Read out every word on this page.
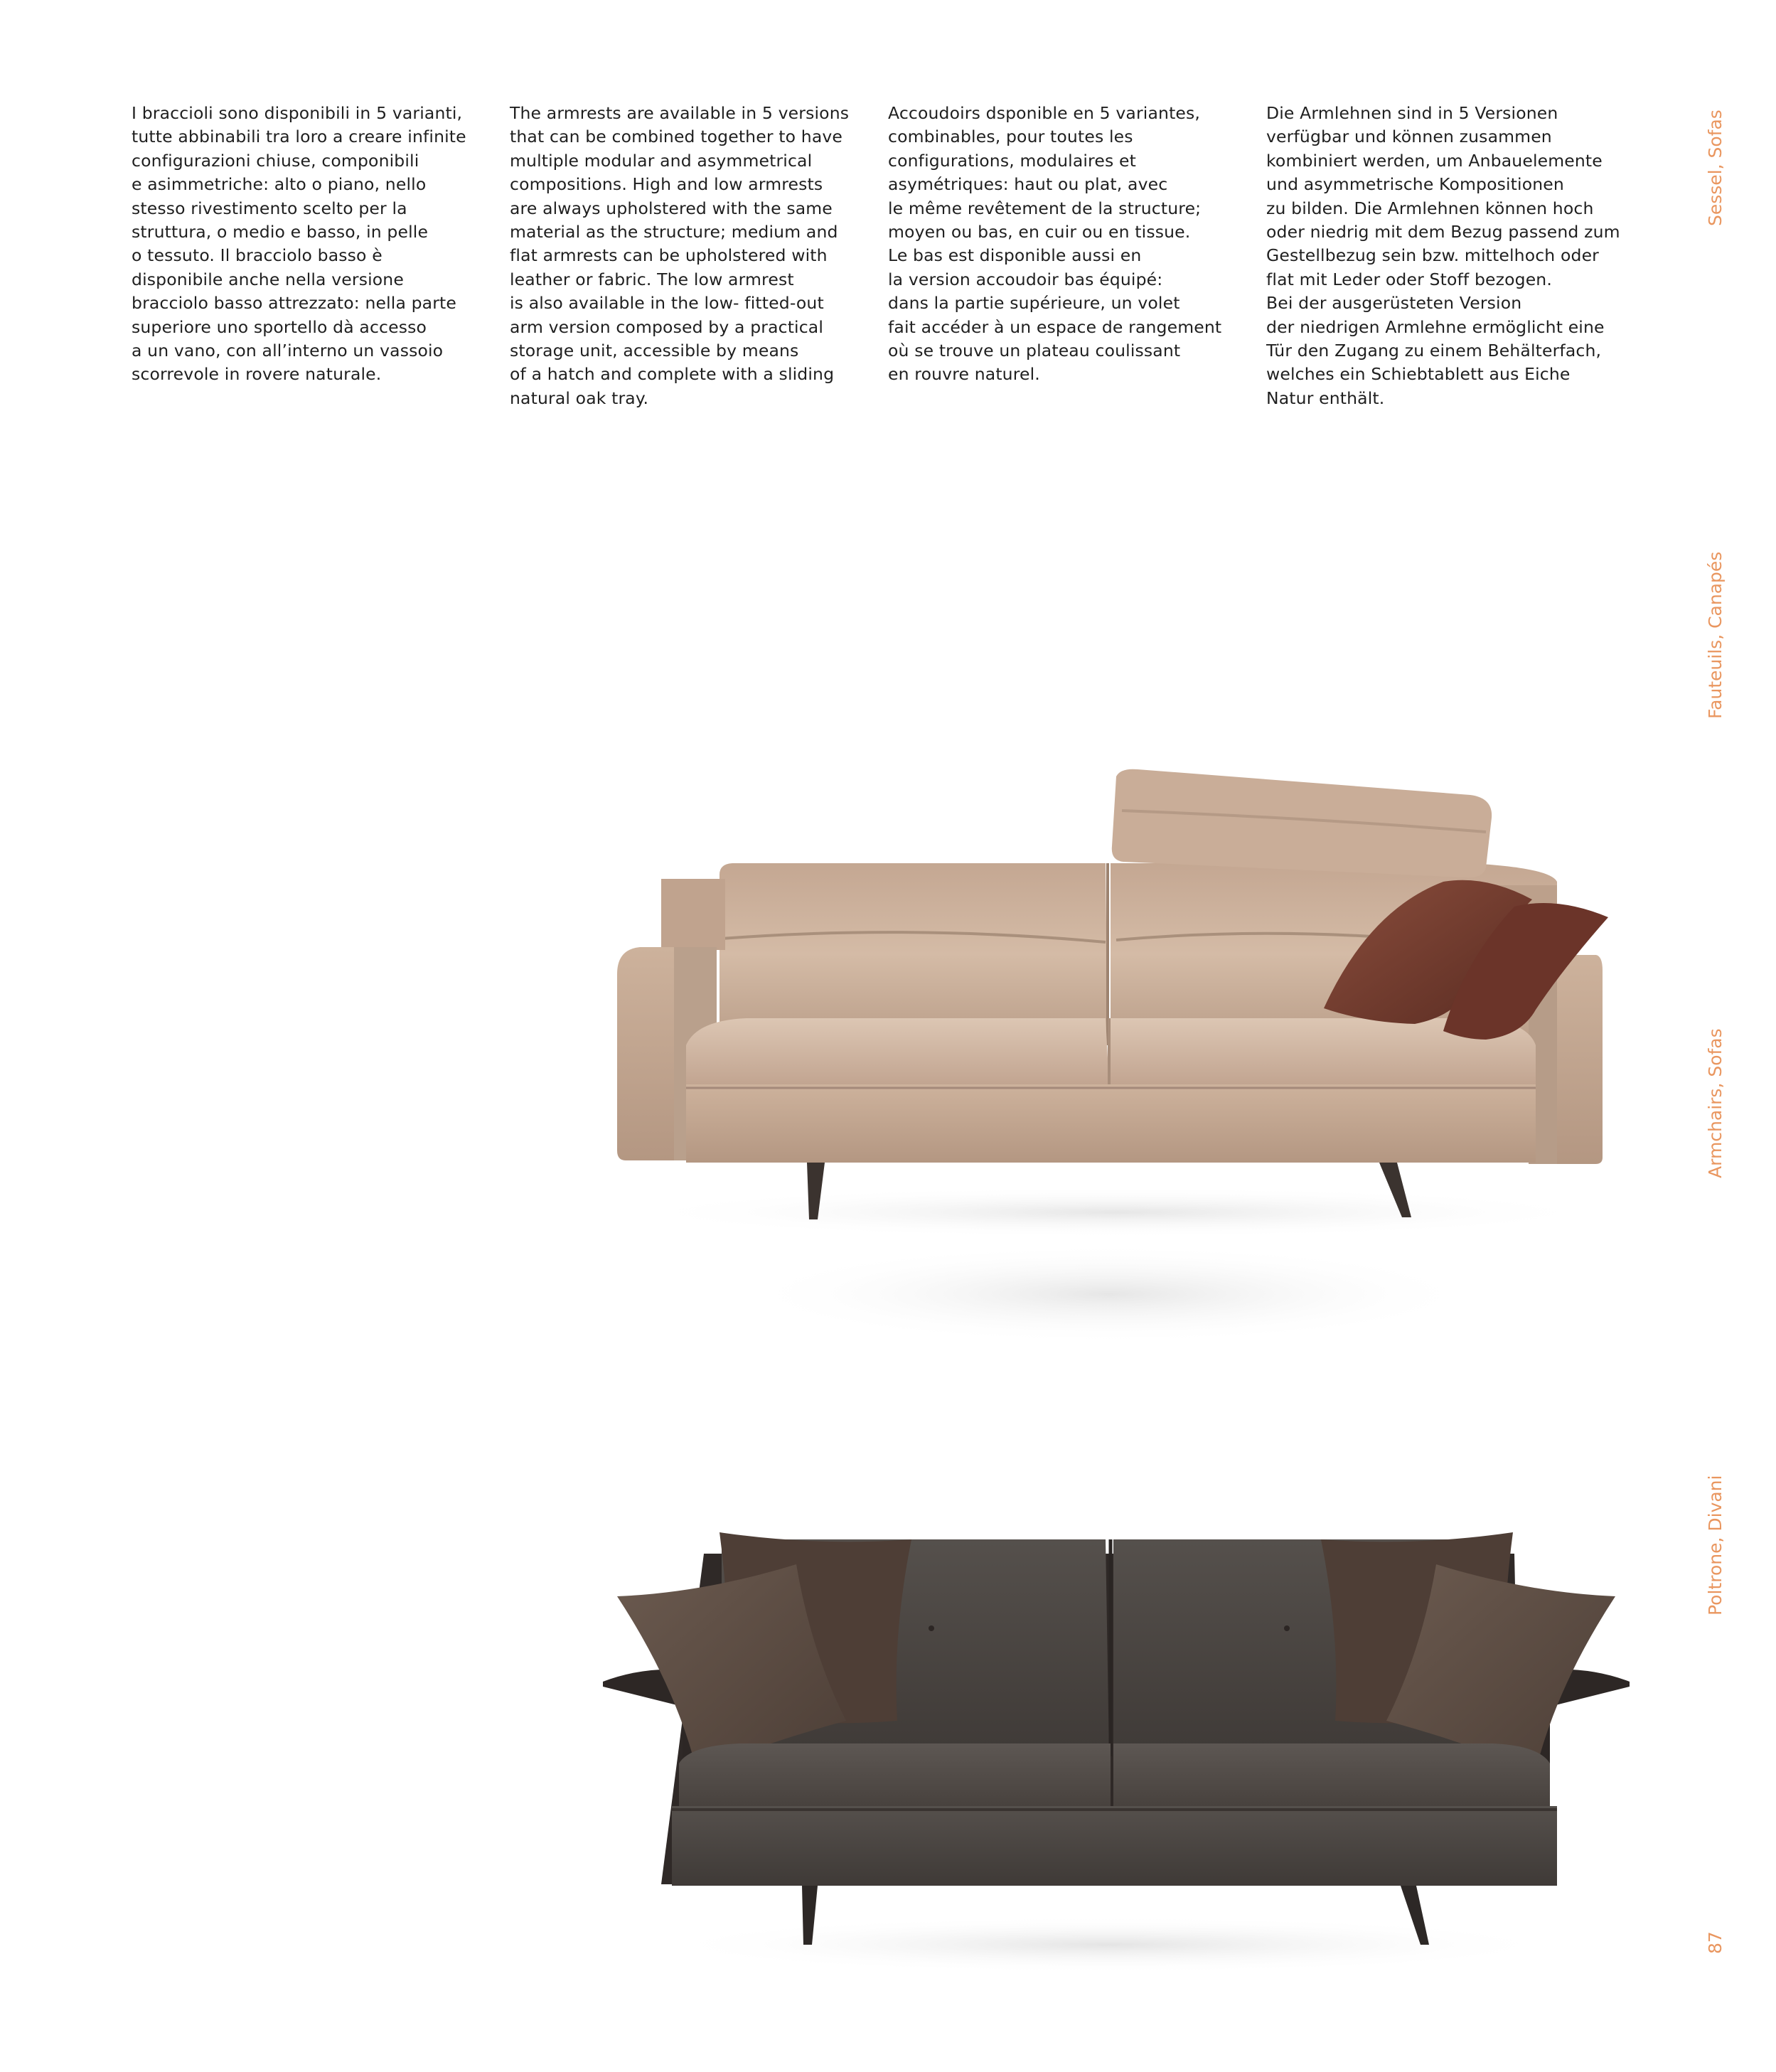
I braccioli sono disponibili in 5 varianti,
tutte abbinabili tra loro a creare infinite
configurazioni chiuse, componibili
e asimmetriche: alto o piano, nello
stesso rivestimento scelto per la
struttura, o medio e basso, in pelle
o tessuto. Il bracciolo basso è
disponibile anche nella versione
bracciolo basso attrezzato: nella parte
superiore uno sportello dà accesso
a un vano, con all’interno un vassoio
scorrevole in rovere naturale.
The armrests are available in 5 versions
that can be combined together to have
multiple modular and asymmetrical
compositions. High and low armrests
are always upholstered with the same
material as the structure; medium and
flat armrests can be upholstered with
leather or fabric. The low armrest
is also available in the low- fitted-out
arm version composed by a practical
storage unit, accessible by means
of a hatch and complete with a sliding
natural oak tray.
Accoudoirs dsponible en 5 variantes,
combinables, pour toutes les
configurations, modulaires et
asymétriques: haut ou plat, avec
le même revêtement de la structure;
moyen ou bas, en cuir ou en tissue.
Le bas est disponible aussi en
la version accoudoir bas équipé:
dans la partie supérieure, un volet
fait accéder à un espace de rangement
où se trouve un plateau coulissant
en rouvre naturel.
Die Armlehnen sind in 5 Versionen
verfügbar und können zusammen
kombiniert werden, um Anbauelemente
und asymmetrische Kompositionen
zu bilden. Die Armlehnen können hoch
oder niedrig mit dem Bezug passend zum
Gestellbezug sein bzw. mittelhoch oder
flat mit Leder oder Stoff bezogen.
Bei der ausgerüsteten Version
der niedrigen Armlehne ermöglicht eine
Tür den Zugang zu einem Behälterfach,
welches ein Schiebtablett aus Eiche
Natur enthält.
Sessel, Sofas
Fauteuils, Canapés
Armchairs, Sofas
Poltrone, Divani
87
